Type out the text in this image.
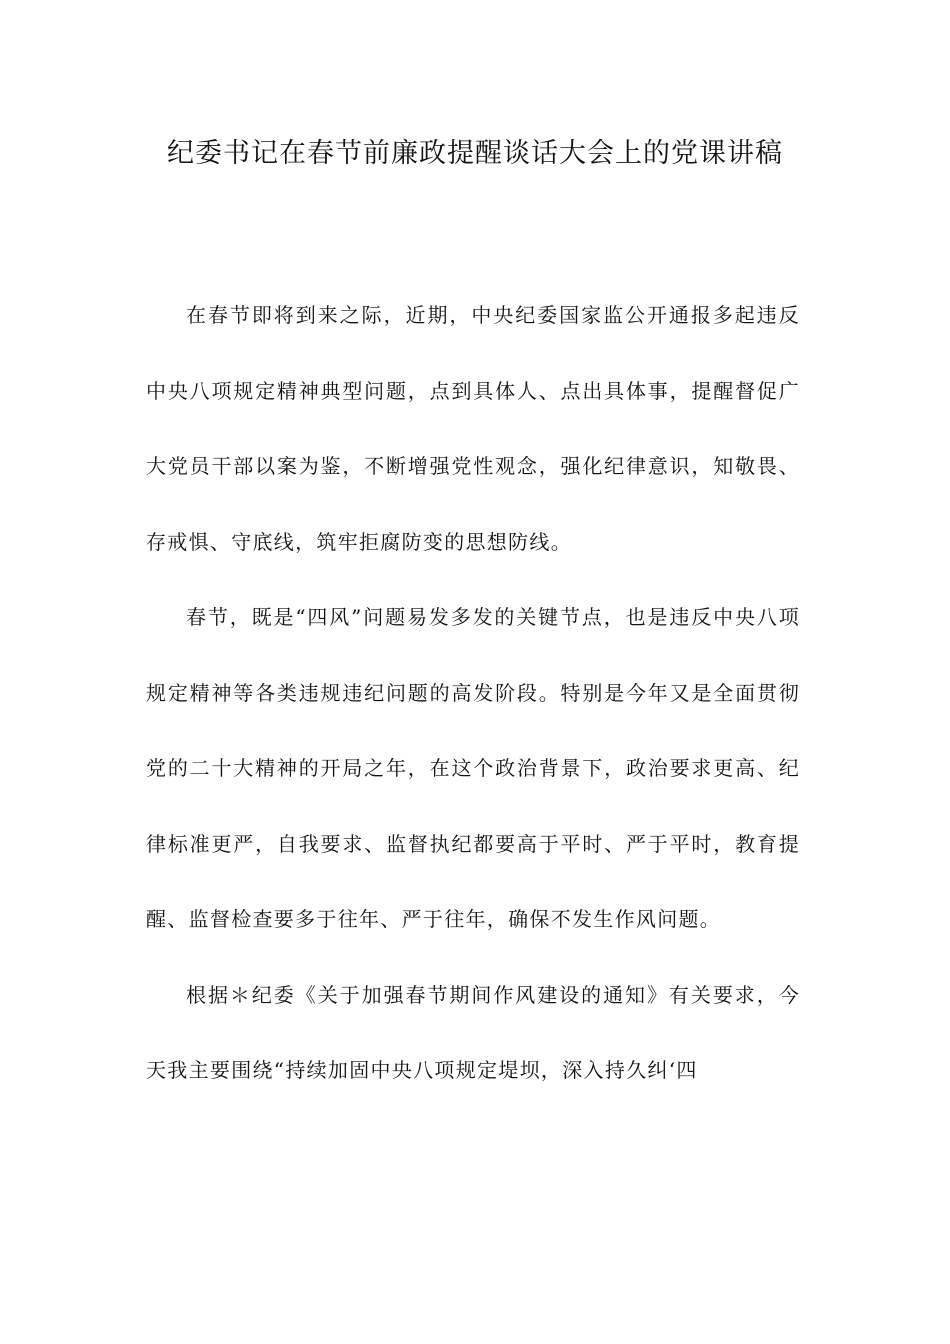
纪委书记在春节前廉政提醒谈话大会上的党课讲稿

在春节即将到来之际，近期，中央纪委国家监公开通报多起违反中央八项规定精神典型问题，点到具体人、点出具体事，提醒督促广大党员干部以案为鉴，不断增强党性观念，强化纪律意识，知敬畏、存戒惧、守底线，筑牢拒腐防变的思想防线。

春节，既是“四风”问题易发多发的关键节点，也是违反中央八项规定精神等各类违规违纪问题的高发阶段。特别是今年又是全面贯彻党的二十大精神的开局之年，在这个政治背景下，政治要求更高、纪律标准更严，自我要求、监督执纪都要高于平时、严于平时，教育提醒、监督检查要多于往年、严于往年，确保不发生作风问题。

根据＊纪委《关于加强春节期间作风建设的通知》有关要求，今天我主要围绕“持续加固中央八项规定堤坝，深入持久纠‘四
